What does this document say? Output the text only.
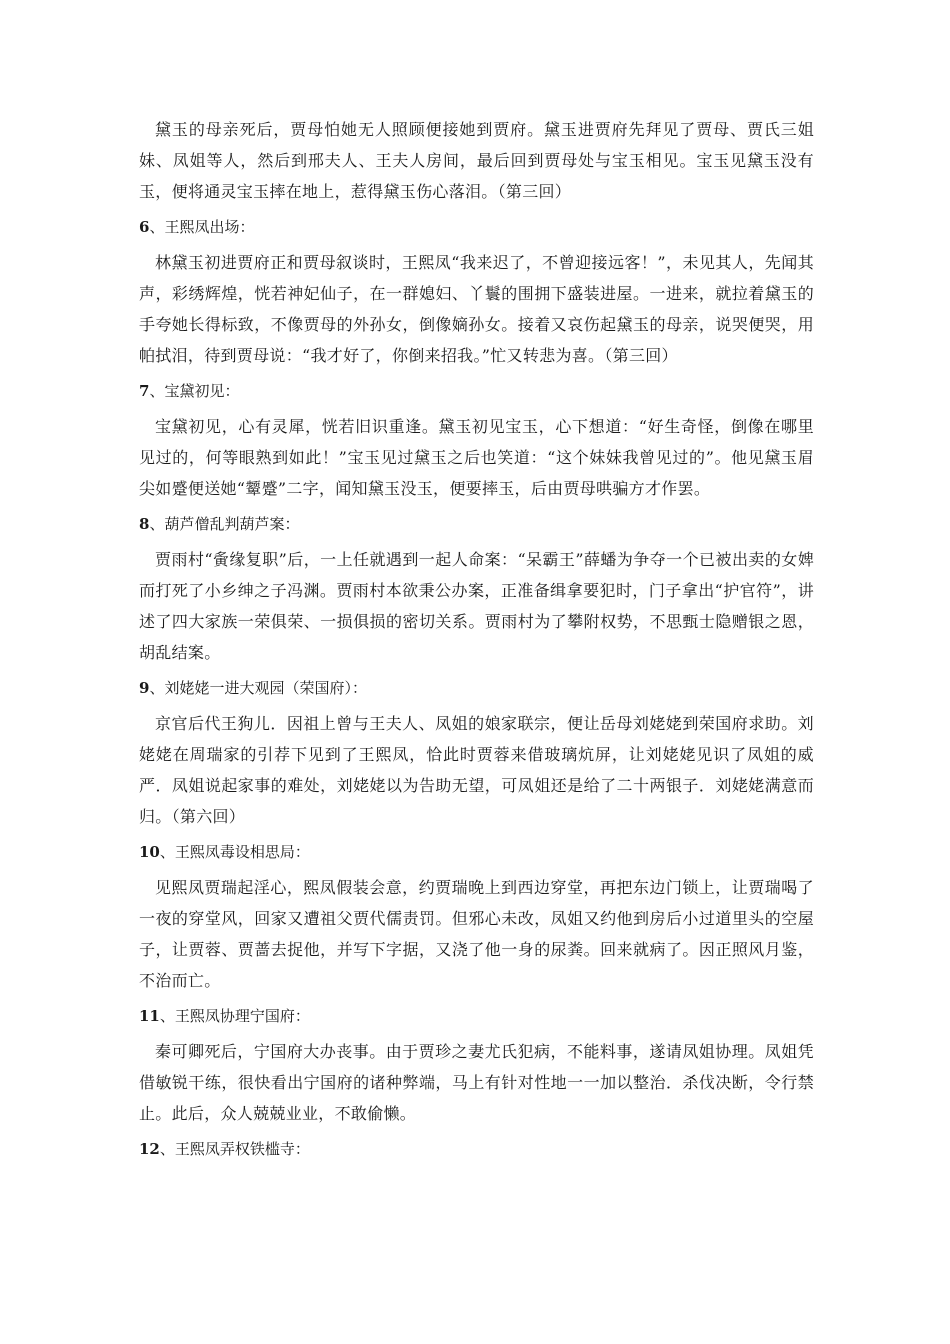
黛玉的母亲死后，贾母怕她无人照顾便接她到贾府。黛玉进贾府先拜见了贾母、贾氏三姐妹、凤姐等人，然后到邢夫人、王夫人房间，最后回到贾母处与宝玉相见。宝玉见黛玉没有玉，便将通灵宝玉摔在地上，惹得黛玉伤心落泪。（第三回）

6、王熙凤出场：

林黛玉初进贾府正和贾母叙谈时，王熙凤“我来迟了，不曾迎接远客！”，未见其人，先闻其声，彩绣辉煌，恍若神妃仙子，在一群媳妇、丫鬟的围拥下盛装进屋。一进来，就拉着黛玉的手夸她长得标致，不像贾母的外孙女，倒像嫡孙女。接着又哀伤起黛玉的母亲，说哭便哭，用帕拭泪，待到贾母说：“我才好了，你倒来招我。”忙又转悲为喜。（第三回）

7、宝黛初见：

宝黛初见，心有灵犀，恍若旧识重逢。黛玉初见宝玉，心下想道：“好生奇怪，倒像在哪里见过的，何等眼熟到如此！”宝玉见过黛玉之后也笑道：“这个妹妹我曾见过的”。他见黛玉眉尖如蹙便送她“颦蹙”二字，闻知黛玉没玉，便要摔玉，后由贾母哄骗方才作罢。

8、葫芦僧乱判葫芦案：

贾雨村“夤缘复职”后，一上任就遇到一起人命案：“呆霸王”薛蟠为争夺一个已被出卖的女婢而打死了小乡绅之子冯渊。贾雨村本欲秉公办案，正准备缉拿要犯时，门子拿出“护官符”，讲述了四大家族一荣俱荣、一损俱损的密切关系。贾雨村为了攀附权势，不思甄士隐赠银之恩，胡乱结案。

9、刘姥姥一进大观园（荣国府）：

京官后代王狗儿．因祖上曾与王夫人、凤姐的娘家联宗，便让岳母刘姥姥到荣国府求助。刘姥姥在周瑞家的引荐下见到了王熙凤，恰此时贾蓉来借玻璃炕屏，让刘姥姥见识了凤姐的威严．凤姐说起家事的难处，刘姥姥以为告助无望，可凤姐还是给了二十两银子．刘姥姥满意而归。（第六回）

10、王熙凤毒设相思局：

见熙凤贾瑞起淫心，熙凤假装会意，约贾瑞晚上到西边穿堂，再把东边门锁上，让贾瑞喝了一夜的穿堂风，回家又遭祖父贾代儒责罚。但邪心未改，凤姐又约他到房后小过道里头的空屋子，让贾蓉、贾蔷去捉他，并写下字据，又浇了他一身的尿粪。回来就病了。因正照风月鉴，不治而亡。

11、王熙凤协理宁国府：

秦可卿死后，宁国府大办丧事。由于贾珍之妻尤氏犯病，不能料事，遂请凤姐协理。凤姐凭借敏锐干练，很快看出宁国府的诸种弊端，马上有针对性地一一加以整治．杀伐决断，令行禁止。此后，众人兢兢业业，不敢偷懒。

12、王熙凤弄权铁槛寺：
